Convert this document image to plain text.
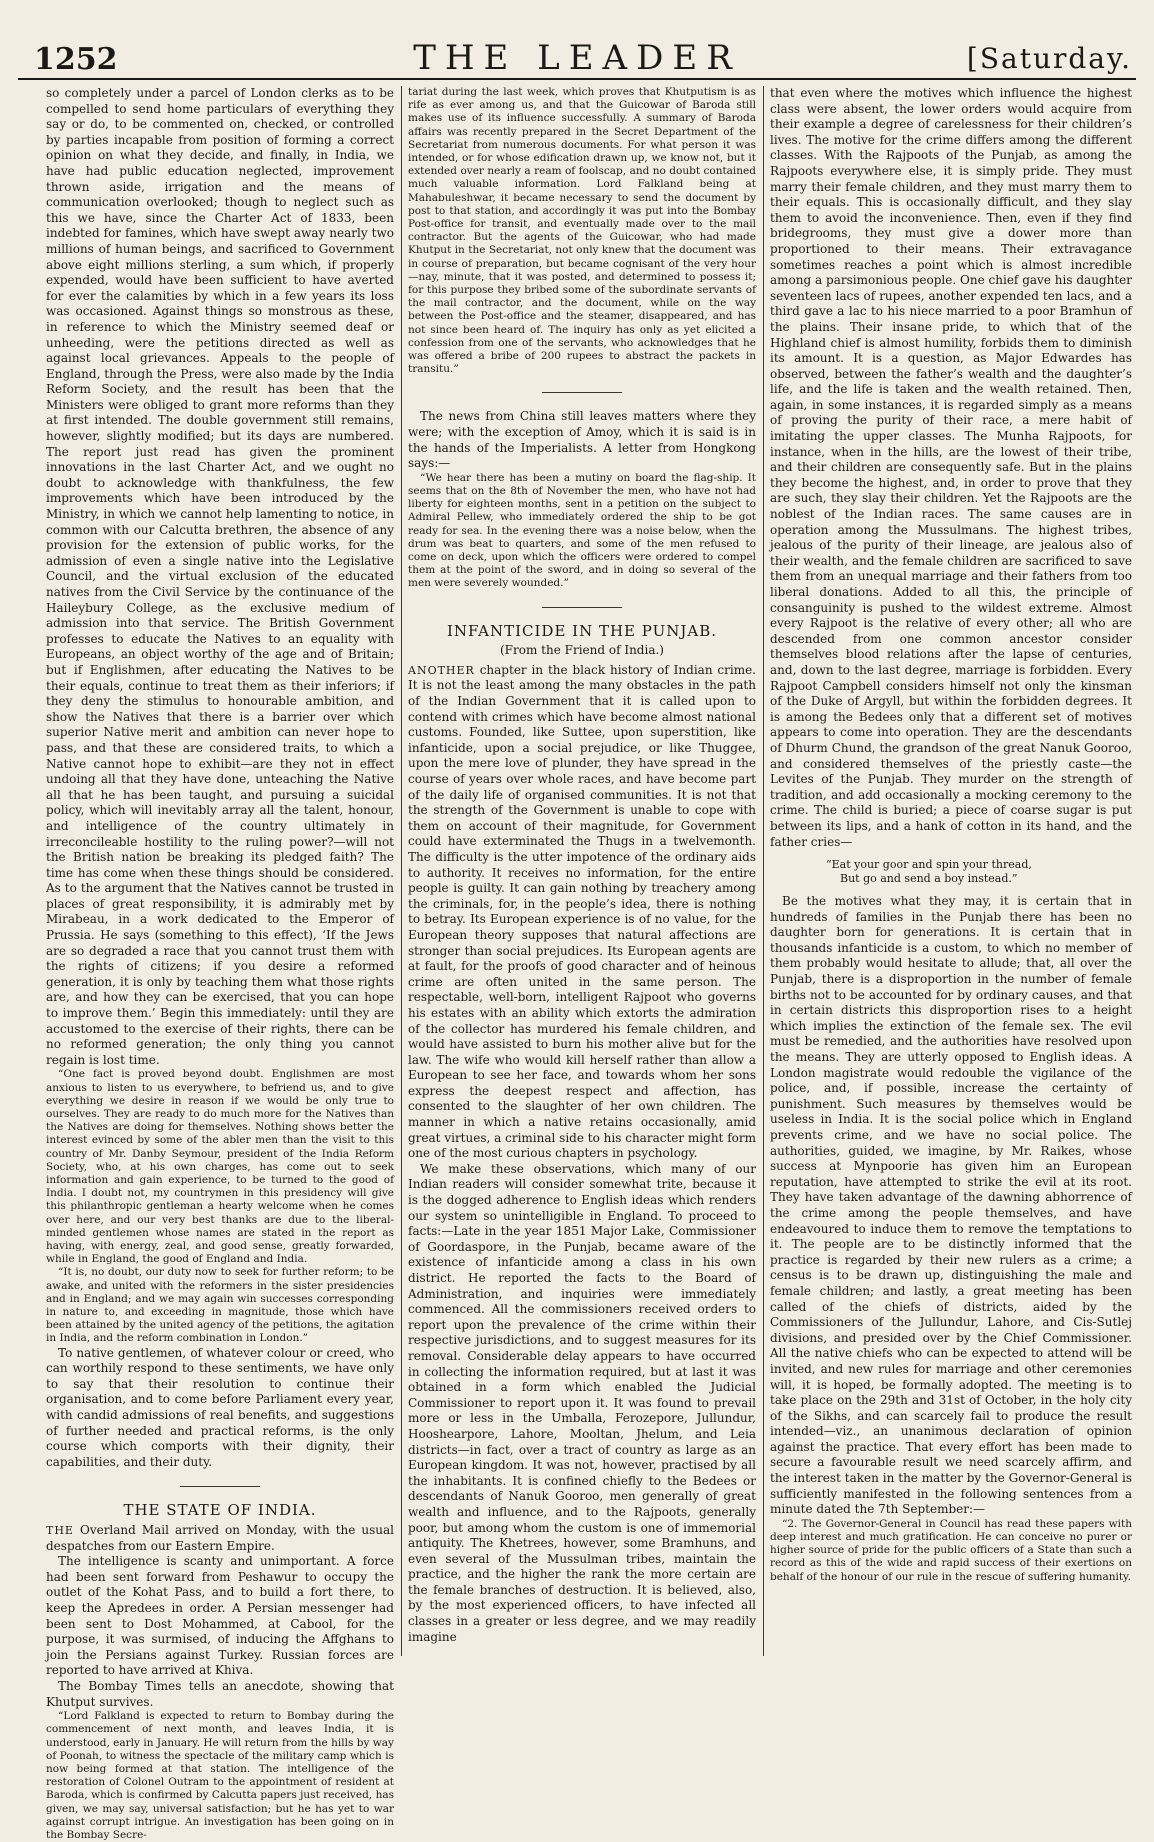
1252	THE LEADER	[Saturday.

so completely under a parcel of London clerks as to be compelled to send home particulars of everything they say or do, to be commented on, checked, or controlled by parties incapable from position of forming a correct opinion on what they decide, and finally, in India, we have had public education neglected, improvement thrown aside, irrigation and the means of communication overlooked; though to neglect such as this we have, since the Charter Act of 1833, been indebted for famines, which have swept away nearly two millions of human beings, and sacrificed to Government above eight millions sterling, a sum which, if properly expended, would have been sufficient to have averted for ever the calamities by which in a few years its loss was occasioned. Against things so monstrous as these, in reference to which the Ministry seemed deaf or unheeding, were the petitions directed as well as against local grievances. Appeals to the people of England, through the Press, were also made by the India Reform Society, and the result has been that the Ministers were obliged to grant more reforms than they at first intended. The double government still remains, however, slightly modified; but its days are numbered. The report just read has given the prominent innovations in the last Charter Act, and we ought no doubt to acknowledge with thankfulness, the few improvements which have been introduced by the Ministry, in which we cannot help lamenting to notice, in common with our Calcutta brethren, the absence of any provision for the extension of public works, for the admission of even a single native into the Legislative Council, and the virtual exclusion of the educated natives from the Civil Service by the continuance of the Haileybury College, as the exclusive medium of admission into that service. The British Government professes to educate the Natives to an equality with Europeans, an object worthy of the age and of Britain; but if Englishmen, after educating the Natives to be their equals, continue to treat them as their inferiors; if they deny the stimulus to honourable ambition, and show the Natives that there is a barrier over which superior Native merit and ambition can never hope to pass, and that these are considered traits, to which a Native cannot hope to exhibit—are they not in effect undoing all that they have done, unteaching the Native all that he has been taught, and pursuing a suicidal policy, which will inevitably array all the talent, honour, and intelligence of the country ultimately in irreconcileable hostility to the ruling power?—will not the British nation be breaking its pledged faith? The time has come when these things should be considered. As to the argument that the Natives cannot be trusted in places of great responsibility, it is admirably met by Mirabeau, in a work dedicated to the Emperor of Prussia. He says (something to this effect), ‘If the Jews are so degraded a race that you cannot trust them with the rights of citizens; if you desire a reformed generation, it is only by teaching them what those rights are, and how they can be exercised, that you can hope to improve them.’ Begin this immediately: until they are accustomed to the exercise of their rights, there can be no reformed generation; the only thing you cannot regain is lost time.

“One fact is proved beyond doubt. Englishmen are most anxious to listen to us everywhere, to befriend us, and to give everything we desire in reason if we would be only true to ourselves. They are ready to do much more for the Natives than the Natives are doing for themselves. Nothing shows better the interest evinced by some of the abler men than the visit to this country of Mr. Danby Seymour, president of the India Reform Society, who, at his own charges, has come out to seek information and gain experience, to be turned to the good of India. I doubt not, my countrymen in this presidency will give this philanthropic gentleman a hearty welcome when he comes over here, and our very best thanks are due to the liberal-minded gentlemen whose names are stated in the report as having, with energy, zeal, and good sense, greatly forwarded, while in England, the good of England and India.

“It is, no doubt, our duty now to seek for further reform; to be awake, and united with the reformers in the sister presidencies and in England; and we may again win successes corresponding in nature to, and exceeding in magnitude, those which have been attained by the united agency of the petitions, the agitation in India, and the reform combination in London.”

To native gentlemen, of whatever colour or creed, who can worthily respond to these sentiments, we have only to say that their resolution to continue their organisation, and to come before Parliament every year, with candid admissions of real benefits, and suggestions of further needed and practical reforms, is the only course which comports with their dignity, their capabilities, and their duty.

THE STATE OF INDIA.

THE Overland Mail arrived on Monday, with the usual despatches from our Eastern Empire.

The intelligence is scanty and unimportant. A force had been sent forward from Peshawur to occupy the outlet of the Kohat Pass, and to build a fort there, to keep the Apredees in order. A Persian messenger had been sent to Dost Mohammed, at Cabool, for the purpose, it was surmised, of inducing the Affghans to join the Persians against Turkey. Russian forces are reported to have arrived at Khiva.

The Bombay Times tells an anecdote, showing that Khutput survives.

“Lord Falkland is expected to return to Bombay during the commencement of next month, and leaves India, it is understood, early in January. He will return from the hills by way of Poonah, to witness the spectacle of the military camp which is now being formed at that station. The intelligence of the restoration of Colonel Outram to the appointment of resident at Baroda, which is confirmed by Calcutta papers just received, has given, we may say, universal satisfaction; but he has yet to war against corrupt intrigue. An investigation has been going on in the Bombay Secre-

tariat during the last week, which proves that Khutputism is as rife as ever among us, and that the Guicowar of Baroda still makes use of its influence successfully. A summary of Baroda affairs was recently prepared in the Secret Department of the Secretariat from numerous documents. For what person it was intended, or for whose edification drawn up, we know not, but it extended over nearly a ream of foolscap, and no doubt contained much valuable information. Lord Falkland being at Mahabuleshwar, it became necessary to send the document by post to that station, and accordingly it was put into the Bombay Post-office for transit, and eventually made over to the mail contractor. But the agents of the Guicowar, who had made Khutput in the Secretariat, not only knew that the document was in course of preparation, but became cognisant of the very hour—nay, minute, that it was posted, and determined to possess it; for this purpose they bribed some of the subordinate servants of the mail contractor, and the document, while on the way between the Post-office and the steamer, disappeared, and has not since been heard of. The inquiry has only as yet elicited a confession from one of the servants, who acknowledges that he was offered a bribe of 200 rupees to abstract the packets in transitu.”

The news from China still leaves matters where they were; with the exception of Amoy, which it is said is in the hands of the Imperialists. A letter from Hongkong says:—

“We hear there has been a mutiny on board the flag-ship. It seems that on the 8th of November the men, who have not had liberty for eighteen months, sent in a petition on the subject to Admiral Pellew, who immediately ordered the ship to be got ready for sea. In the evening there was a noise below, when the drum was beat to quarters, and some of the men refused to come on deck, upon which the officers were ordered to compel them at the point of the sword, and in doing so several of the men were severely wounded.”

INFANTICIDE IN THE PUNJAB.
(From the Friend of India.)

ANOTHER chapter in the black history of Indian crime. It is not the least among the many obstacles in the path of the Indian Government that it is called upon to contend with crimes which have become almost national customs. Founded, like Suttee, upon superstition, like infanticide, upon a social prejudice, or like Thuggee, upon the mere love of plunder, they have spread in the course of years over whole races, and have become part of the daily life of organised communities. It is not that the strength of the Government is unable to cope with them on account of their magnitude, for Government could have exterminated the Thugs in a twelvemonth. The difficulty is the utter impotence of the ordinary aids to authority. It receives no information, for the entire people is guilty. It can gain nothing by treachery among the criminals, for, in the people’s idea, there is nothing to betray. Its European experience is of no value, for the European theory supposes that natural affections are stronger than social prejudices. Its European agents are at fault, for the proofs of good character and of heinous crime are often united in the same person. The respectable, well-born, intelligent Rajpoot who governs his estates with an ability which extorts the admiration of the collector has murdered his female children, and would have assisted to burn his mother alive but for the law. The wife who would kill herself rather than allow a European to see her face, and towards whom her sons express the deepest respect and affection, has consented to the slaughter of her own children. The manner in which a native retains occasionally, amid great virtues, a criminal side to his character might form one of the most curious chapters in psychology.

We make these observations, which many of our Indian readers will consider somewhat trite, because it is the dogged adherence to English ideas which renders our system so unintelligible in England. To proceed to facts:—Late in the year 1851 Major Lake, Commissioner of Goordaspore, in the Punjab, became aware of the existence of infanticide among a class in his own district. He reported the facts to the Board of Administration, and inquiries were immediately commenced. All the commissioners received orders to report upon the prevalence of the crime within their respective jurisdictions, and to suggest measures for its removal. Considerable delay appears to have occurred in collecting the information required, but at last it was obtained in a form which enabled the Judicial Commissioner to report upon it. It was found to prevail more or less in the Umballa, Ferozepore, Jullundur, Hooshearpore, Lahore, Mooltan, Jhelum, and Leia districts—in fact, over a tract of country as large as an European kingdom. It was not, however, practised by all the inhabitants. It is confined chiefly to the Bedees or descendants of Nanuk Gooroo, men generally of great wealth and influence, and to the Rajpoots, generally poor, but among whom the custom is one of immemorial antiquity. The Khetrees, however, some Bramhuns, and even several of the Mussulman tribes, maintain the practice, and the higher the rank the more certain are the female branches of destruction. It is believed, also, by the most experienced officers, to have infected all classes in a greater or less degree, and we may readily imagine

that even where the motives which influence the highest class were absent, the lower orders would acquire from their example a degree of carelessness for their children’s lives. The motive for the crime differs among the different classes. With the Rajpoots of the Punjab, as among the Rajpoots everywhere else, it is simply pride. They must marry their female children, and they must marry them to their equals. This is occasionally difficult, and they slay them to avoid the inconvenience. Then, even if they find bridegrooms, they must give a dower more than proportioned to their means. Their extravagance sometimes reaches a point which is almost incredible among a parsimonious people. One chief gave his daughter seventeen lacs of rupees, another expended ten lacs, and a third gave a lac to his niece married to a poor Bramhun of the plains. Their insane pride, to which that of the Highland chief is almost humility, forbids them to diminish its amount. It is a question, as Major Edwardes has observed, between the father’s wealth and the daughter’s life, and the life is taken and the wealth retained. Then, again, in some instances, it is regarded simply as a means of proving the purity of their race, a mere habit of imitating the upper classes. The Munha Rajpoots, for instance, when in the hills, are the lowest of their tribe, and their children are consequently safe. But in the plains they become the highest, and, in order to prove that they are such, they slay their children. Yet the Rajpoots are the noblest of the Indian races. The same causes are in operation among the Mussulmans. The highest tribes, jealous of the purity of their lineage, are jealous also of their wealth, and the female children are sacrificed to save them from an unequal marriage and their fathers from too liberal donations. Added to all this, the principle of consanguinity is pushed to the wildest extreme. Almost every Rajpoot is the relative of every other; all who are descended from one common ancestor consider themselves blood relations after the lapse of centuries, and, down to the last degree, marriage is forbidden. Every Rajpoot Campbell considers himself not only the kinsman of the Duke of Argyll, but within the forbidden degrees. It is among the Bedees only that a different set of motives appears to come into operation. They are the descendants of Dhurm Chund, the grandson of the great Nanuk Gooroo, and considered themselves of the priestly caste—the Levites of the Punjab. They murder on the strength of tradition, and add occasionally a mocking ceremony to the crime. The child is buried; a piece of coarse sugar is put between its lips, and a hank of cotton in its hand, and the father cries—

“Eat your goor and spin your thread,
But go and send a boy instead.”

Be the motives what they may, it is certain that in hundreds of families in the Punjab there has been no daughter born for generations. It is certain that in thousands infanticide is a custom, to which no member of them probably would hesitate to allude; that, all over the Punjab, there is a disproportion in the number of female births not to be accounted for by ordinary causes, and that in certain districts this disproportion rises to a height which implies the extinction of the female sex. The evil must be remedied, and the authorities have resolved upon the means. They are utterly opposed to English ideas. A London magistrate would redouble the vigilance of the police, and, if possible, increase the certainty of punishment. Such measures by themselves would be useless in India. It is the social police which in England prevents crime, and we have no social police. The authorities, guided, we imagine, by Mr. Raikes, whose success at Mynpoorie has given him an European reputation, have attempted to strike the evil at its root. They have taken advantage of the dawning abhorrence of the crime among the people themselves, and have endeavoured to induce them to remove the temptations to it. The people are to be distinctly informed that the practice is regarded by their new rulers as a crime; a census is to be drawn up, distinguishing the male and female children; and lastly, a great meeting has been called of the chiefs of districts, aided by the Commissioners of the Jullundur, Lahore, and Cis-Sutlej divisions, and presided over by the Chief Commissioner. All the native chiefs who can be expected to attend will be invited, and new rules for marriage and other ceremonies will, it is hoped, be formally adopted. The meeting is to take place on the 29th and 31st of October, in the holy city of the Sikhs, and can scarcely fail to produce the result intended—viz., an unanimous declaration of opinion against the practice. That every effort has been made to secure a favourable result we need scarcely affirm, and the interest taken in the matter by the Governor-General is sufficiently manifested in the following sentences from a minute dated the 7th September:—

“2. The Governor-General in Council has read these papers with deep interest and much gratification. He can conceive no purer or higher source of pride for the public officers of a State than such a record as this of the wide and rapid success of their exertions on behalf of the honour of our rule in the rescue of suffering humanity.
